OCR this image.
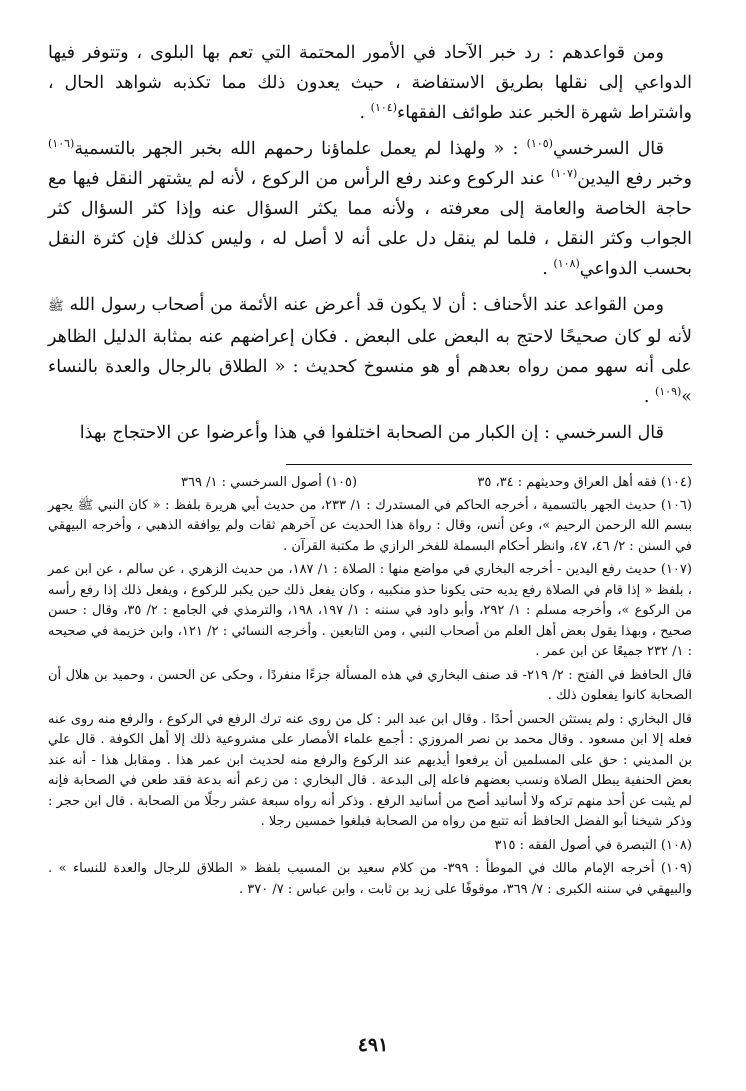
ومن قواعدهم : رد خبر الآحاد في الأمور المحتمة التي تعم بها البلوى ، وتتوفر فيها الدواعي إلى نقلها بطريق الاستفاضة ، حيث يعدون ذلك مما تكذبه شواهد الحال ، واشتراط شهرة الخبر عند طوائف الفقهاء$^{(١٠٤)}$ .

قال السرخسي$^{(١٠٥)}$ : « ولهذا لم يعمل علماؤنا رحمهم الله بخبر الجهر بالتسمية$^{(١٠٦)}$ وخبر رفع اليدين$^{(١٠٧)}$ عند الركوع وعند رفع الرأس من الركوع ، لأنه لم يشتهر النقل فيها مع حاجة الخاصة والعامة إلى معرفته ، ولأنه مما يكثر السؤال عنه وإذا كثر السؤال كثر الجواب وكثر النقل ، فلما لم ينقل دل على أنه لا أصل له ، وليس كذلك فإن كثرة النقل بحسب الدواعي$^{(١٠٨)}$ .

ومن القواعد عند الأحناف : أن لا يكون قد أعرض عنه الأئمة من أصحاب رسول الله ﷺ لأنه لو كان صحيحًا لاحتج به البعض على البعض . فكان إعراضهم عنه بمثابة الدليل الظاهر على أنه سهو ممن رواه بعدهم أو هو منسوخ كحديث : « الطلاق بالرجال والعدة بالنساء »$^{(١٠٩)}$ .

قال السرخسي : إن الكبار من الصحابة اختلفوا في هذا وأعرضوا عن الاحتجاج بهذا

(١٠٤) فقه أهل العراق وحديثهم : ٣٤، ٣٥
(١٠٥) أصول السرخسي : ١/ ٣٦٩

(١٠٦) حديث الجهر بالتسمية ، أخرجه الحاكم في المستدرك : ١/ ٢٣٣، من حديث أبي هريرة بلفظ : « كان النبي ﷺ يجهر ببسم الله الرحمن الرحيم »، وعن أنس، وقال : رواة هذا الحديث عن آخرهم ثقات ولم يوافقه الذهبي ، وأخرجه البيهقي في السنن : ٢/ ٤٦، ٤٧، وانظر أحكام البسملة للفخر الرازي ط مكتبة القرآن .

(١٠٧) حديث رفع اليدين - أخرجه البخاري في مواضع منها : الصلاة : ١/ ١٨٧، من حديث الزهري ، عن سالم ، عن ابن عمر ، بلفظ « إذا قام في الصلاة رفع يديه حتى يكونا حذو منكبيه ، وكان يفعل ذلك حين يكبر للركوع ، ويفعل ذلك إذا رفع رأسه من الركوع »، وأخرجه مسلم : ١/ ٢٩٢، وأبو داود في سننه : ١/ ١٩٧، ١٩٨، والترمذي في الجامع : ٢/ ٣٥، وقال : حسن صحيح ، وبهذا يقول بعض أهل العلم من أصحاب النبي ، ومن التابعين . وأخرجه النسائي : ٢/ ١٢١، وابن خزيمة في صحيحه : ١/ ٢٣٢ جميعًا عن ابن عمر .

قال الحافظ في الفتح : ٢/ ٢١٩- قد صنف البخاري في هذه المسألة جزءًا منفردًا ، وحكى عن الحسن ، وحميد بن هلال أن الصحابة كانوا يفعلون ذلك .

قال البخاري : ولم يستثن الحسن أحدًا . وقال ابن عبد البر : كل من روى عنه ترك الرفع في الركوع ، والرفع منه روى عنه فعله إلا ابن مسعود . وقال محمد بن نصر المروزي : أجمع علماء الأمصار على مشروعية ذلك إلا أهل الكوفة . قال علي بن المديني : حق على المسلمين أن يرفعوا أيديهم عند الركوع والرفع منه لحديث ابن عمر هذا . ومقابل هذا - أنه عند بعض الحنفية يبطل الصلاة ونسب بعضهم فاعله إلى البدعة . قال البخاري : من زعم أنه بدعة فقد طعن في الصحابة فإنه لم يثبت عن أحد منهم تركه ولا أسانيد أصح من أسانيد الرفع . وذكر أنه رواه سبعة عشر رجلًا من الصحابة . قال ابن حجر : وذكر شيخنا أبو الفضل الحافظ أنه تتبع من رواه من الصحابة فبلغوا خمسين رجلا .

(١٠٨) التبصرة في أصول الفقه : ٣١٥

(١٠٩) أخرجه الإمام مالك في الموطأ : ٣٩٩- من كلام سعيد بن المسيب بلفظ « الطلاق للرجال والعدة للنساء » . والبيهقي في سننه الكبرى : ٧/ ٣٦٩، موقوفًا على زيد بن ثابت ، وابن عباس : ٧/ ٣٧٠ .

٤٩١
